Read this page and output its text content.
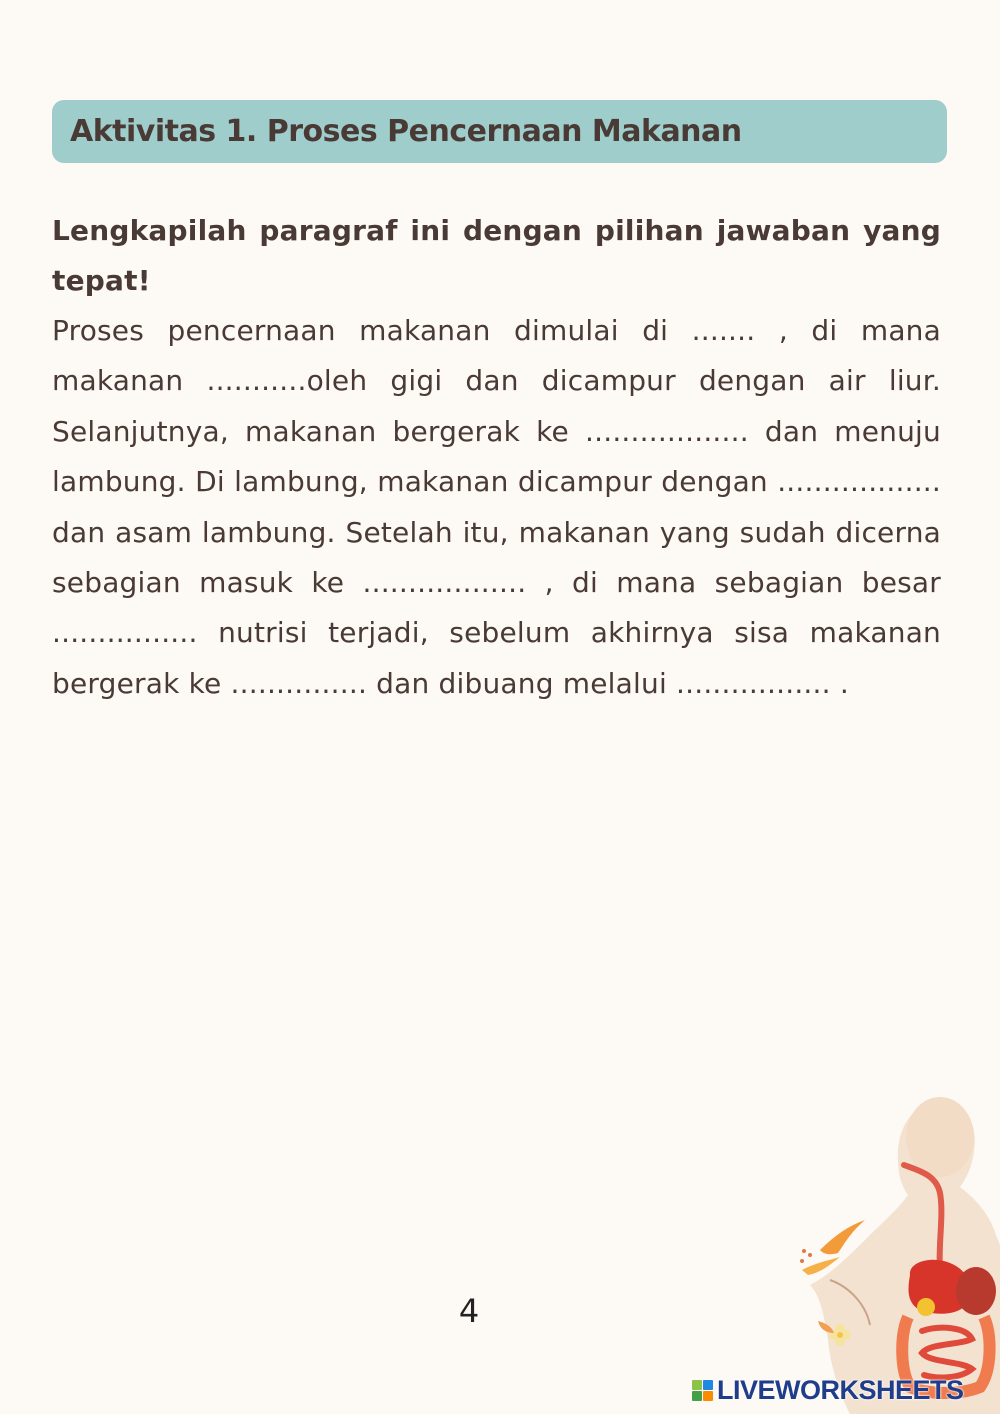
Aktivitas 1. Proses Pencernaan Makanan

Lengkapilah paragraf ini dengan pilihan jawaban yang tepat!

Proses pencernaan makanan dimulai di ....... , di mana makanan ...........oleh gigi dan dicampur dengan air liur. Selanjutnya, makanan bergerak ke .................. dan menuju lambung. Di lambung, makanan dicampur dengan .................. dan asam lambung. Setelah itu, makanan yang sudah dicerna sebagian masuk ke .................. , di mana sebagian besar ................ nutrisi terjadi, sebelum akhirnya sisa makanan bergerak ke ............... dan dibuang melalui ................. .

4
LIVEWORKSHEETS
